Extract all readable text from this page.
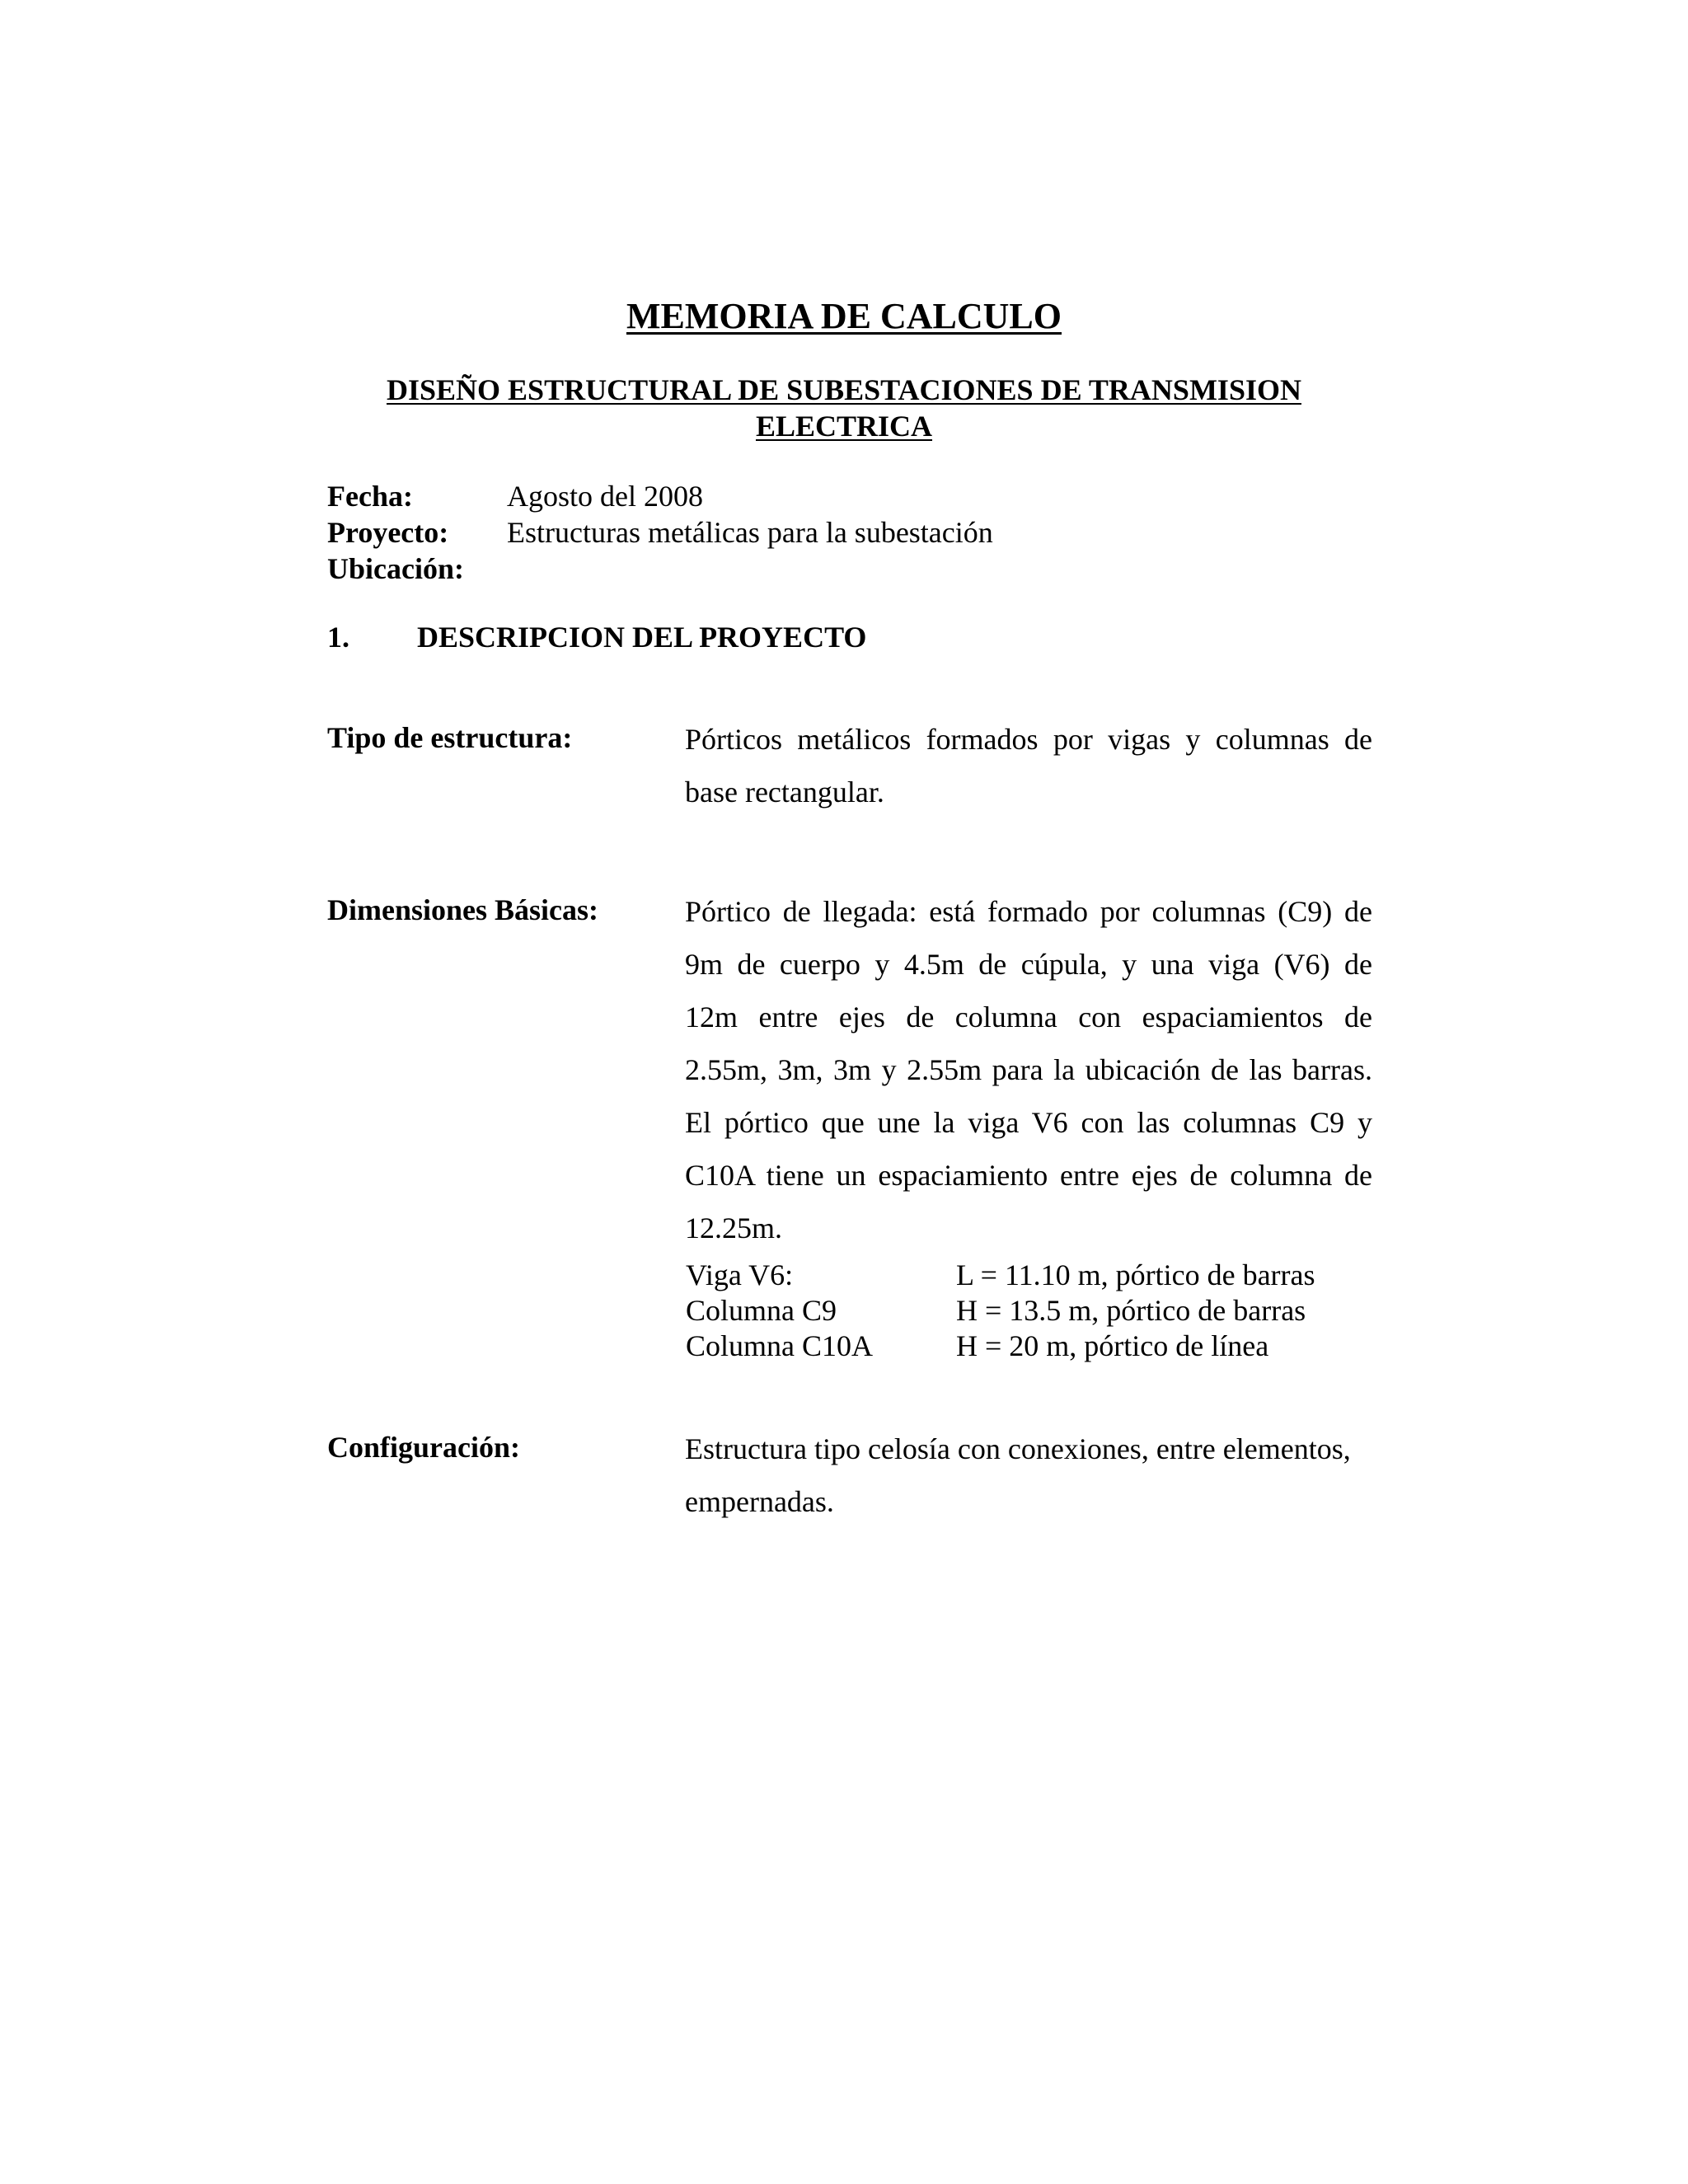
MEMORIA DE CALCULO
DISEÑO ESTRUCTURAL DE SUBESTACIONES DE TRANSMISION
ELECTRICA
Fecha:	Agosto del 2008
Proyecto: Estructuras metálicas para la subestación
Ubicación:
1. DESCRIPCION DEL PROYECTO
Tipo de estructura:	Pórticos metálicos formados por vigas y columnas de
base rectangular.
Dimensiones Básicas:	Pórtico de llegada: está formado por columnas (C9) de
9m de cuerpo y 4.5m de cúpula, y una viga (V6) de
12m entre ejes de columna con espaciamientos de
2.55m, 3m, 3m y 2.55m para la ubicación de las barras.
El pórtico que une la viga V6 con las columnas C9 y
C10A tiene un espaciamiento entre ejes de columna de
12.25m.
Viga V6:	L = 11.10 m, pórtico de barras
Columna C9	H = 13.5 m, pórtico de barras
Columna C10A	H = 20 m, pórtico de línea
Configuración:	Estructura tipo celosía con conexiones, entre elementos,
empernadas.
